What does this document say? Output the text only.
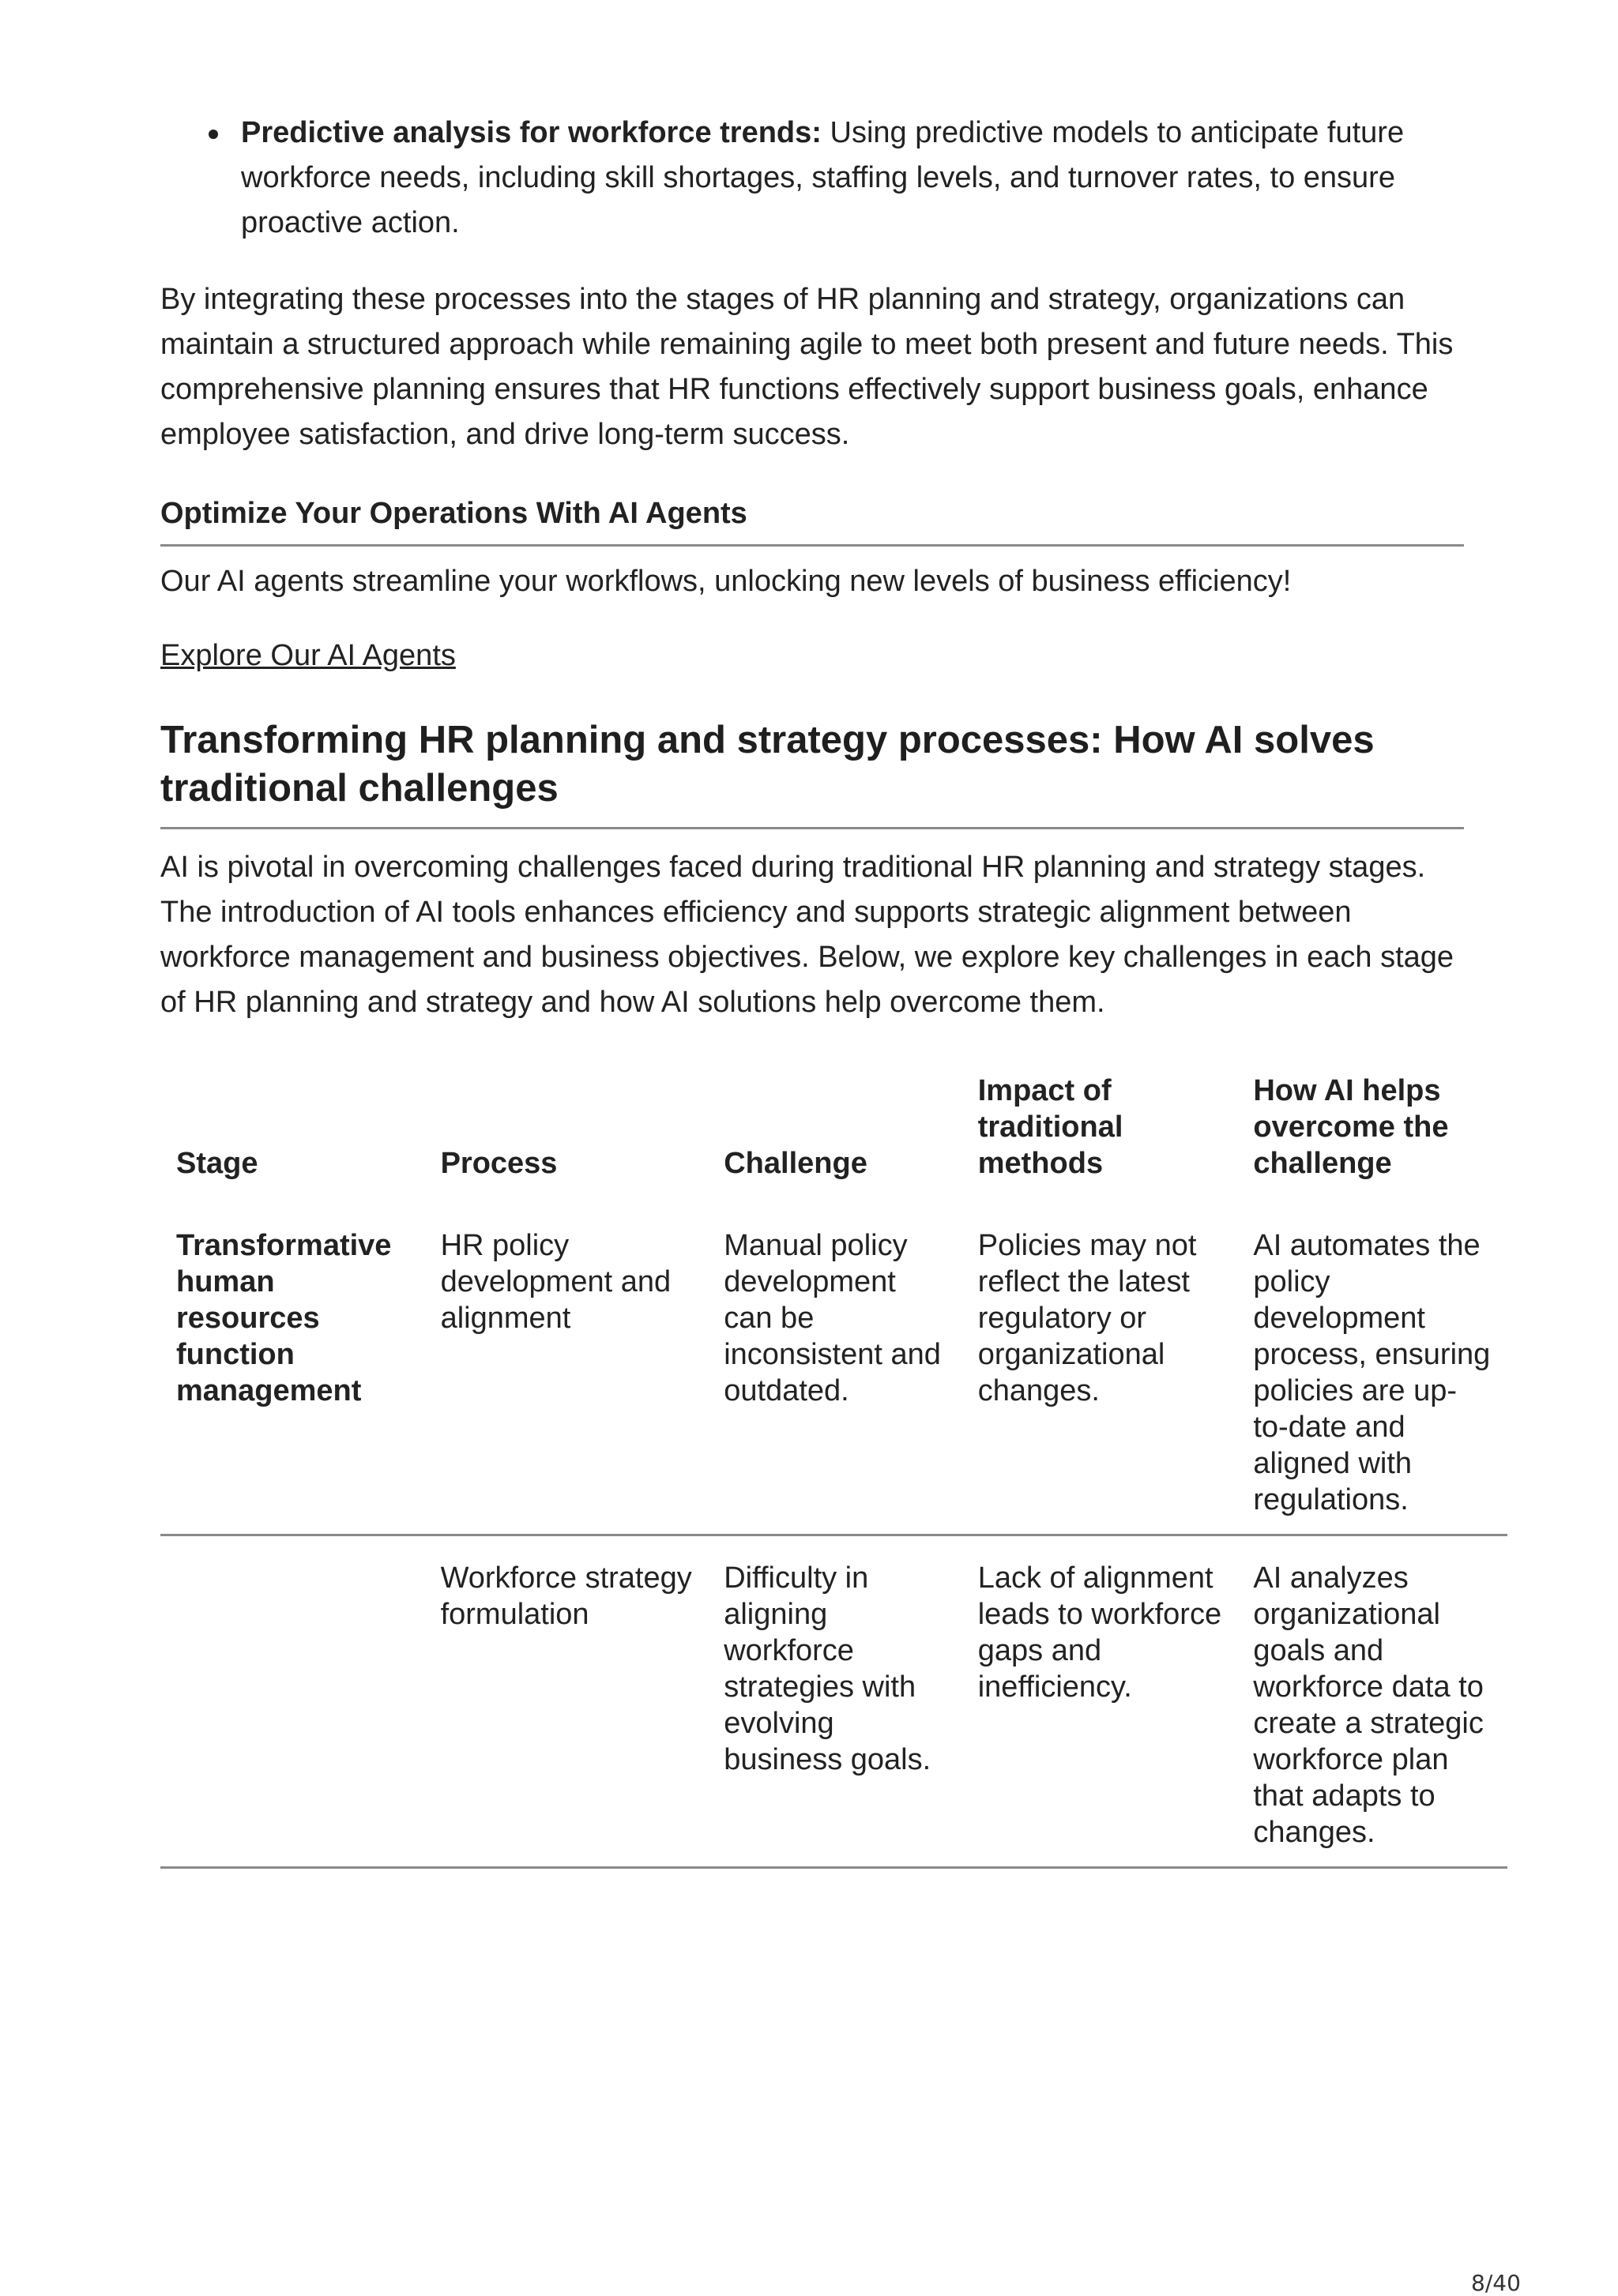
Predictive analysis for workforce trends: Using predictive models to anticipate future workforce needs, including skill shortages, staffing levels, and turnover rates, to ensure proactive action.

By integrating these processes into the stages of HR planning and strategy, organizations can maintain a structured approach while remaining agile to meet both present and future needs. This comprehensive planning ensures that HR functions effectively support business goals, enhance employee satisfaction, and drive long-term success.

Optimize Your Operations With AI Agents

Our AI agents streamline your workflows, unlocking new levels of business efficiency!

Explore Our AI Agents
Transforming HR planning and strategy processes: How AI solves traditional challenges

AI is pivotal in overcoming challenges faced during traditional HR planning and strategy stages. The introduction of AI tools enhances efficiency and supports strategic alignment between workforce management and business objectives. Below, we explore key challenges in each stage of HR planning and strategy and how AI solutions help overcome them.

Stage	Process	Challenge	Impact of traditional methods	How AI helps overcome the challenge
Transformative human resources function management	HR policy development and alignment	Manual policy development can be inconsistent and outdated.	Policies may not reflect the latest regulatory or organizational changes.	AI automates the policy development process, ensuring policies are up-to-date and aligned with regulations.
	Workforce strategy formulation	Difficulty in aligning workforce strategies with evolving business goals.	Lack of alignment leads to workforce gaps and inefficiency.	AI analyzes organizational goals and workforce data to create a strategic workforce plan that adapts to changes.
8/40
